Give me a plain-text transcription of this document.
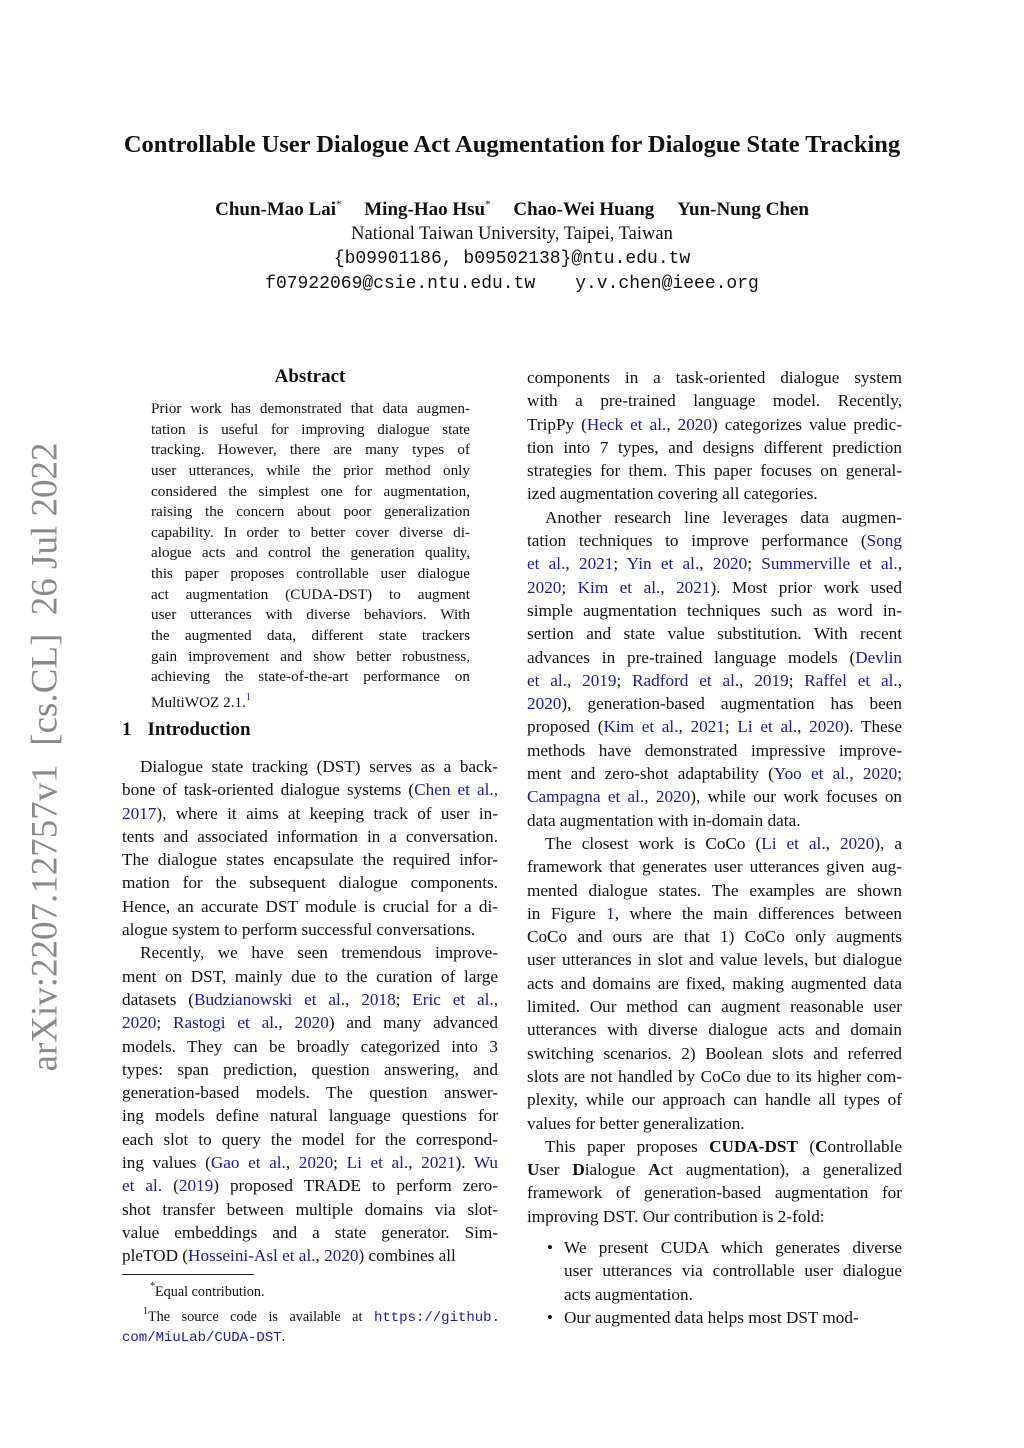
arXiv:2207.12757v1  [cs.CL]  26 Jul 2022
Controllable User Dialogue Act Augmentation for Dialogue State Tracking
Chun-Mao Lai* Ming-Hao Hsu* Chao-Wei Huang Yun-Nung Chen
National Taiwan University, Taipei, Taiwan
{b09901186, b09502138}@ntu.edu.tw
f07922069@csie.ntu.edu.tw y.v.chen@ieee.org
Abstract
Prior work has demonstrated that data augmen-
tation is useful for improving dialogue state
tracking. However, there are many types of
user utterances, while the prior method only
considered the simplest one for augmentation,
raising the concern about poor generalization
capability. In order to better cover diverse di-
alogue acts and control the generation quality,
this paper proposes controllable user dialogue
act augmentation (CUDA-DST) to augment
user utterances with diverse behaviors. With
the augmented data, different state trackers
gain improvement and show better robustness,
achieving the state-of-the-art performance on
MultiWOZ 2.1.$^1$
1 Introduction
Dialogue state tracking (DST) serves as a back-
bone of task-oriented dialogue systems (Chen et al.,
2017), where it aims at keeping track of user in-
tents and associated information in a conversation.
The dialogue states encapsulate the required infor-
mation for the subsequent dialogue components.
Hence, an accurate DST module is crucial for a di-
alogue system to perform successful conversations.
Recently, we have seen tremendous improve-
ment on DST, mainly due to the curation of large
datasets (Budzianowski et al., 2018; Eric et al.,
2020; Rastogi et al., 2020) and many advanced
models. They can be broadly categorized into 3
types: span prediction, question answering, and
generation-based models. The question answer-
ing models define natural language questions for
each slot to query the model for the correspond-
ing values (Gao et al., 2020; Li et al., 2021). Wu
et al. (2019) proposed TRADE to perform zero-
shot transfer between multiple domains via slot-
value embeddings and a state generator. Sim-
pleTOD (Hosseini-Asl et al., 2020) combines all
components in a task-oriented dialogue system
with a pre-trained language model. Recently,
TripPy (Heck et al., 2020) categorizes value predic-
tion into 7 types, and designs different prediction
strategies for them. This paper focuses on general-
ized augmentation covering all categories.
Another research line leverages data augmen-
tation techniques to improve performance (Song
et al., 2021; Yin et al., 2020; Summerville et al.,
2020; Kim et al., 2021). Most prior work used
simple augmentation techniques such as word in-
sertion and state value substitution. With recent
advances in pre-trained language models (Devlin
et al., 2019; Radford et al., 2019; Raffel et al.,
2020), generation-based augmentation has been
proposed (Kim et al., 2021; Li et al., 2020). These
methods have demonstrated impressive improve-
ment and zero-shot adaptability (Yoo et al., 2020;
Campagna et al., 2020), while our work focuses on
data augmentation with in-domain data.
The closest work is CoCo (Li et al., 2020), a
framework that generates user utterances given aug-
mented dialogue states. The examples are shown
in Figure 1, where the main differences between
CoCo and ours are that 1) CoCo only augments
user utterances in slot and value levels, but dialogue
acts and domains are fixed, making augmented data
limited. Our method can augment reasonable user
utterances with diverse dialogue acts and domain
switching scenarios. 2) Boolean slots and referred
slots are not handled by CoCo due to its higher com-
plexity, while our approach can handle all types of
values for better generalization.
This paper proposes CUDA-DST (Controllable
User Dialogue Act augmentation), a generalized
framework of generation-based augmentation for
improving DST. Our contribution is 2-fold:
• We present CUDA which generates diverse
user utterances via controllable user dialogue
acts augmentation.
• Our augmented data helps most DST mod-
*Equal contribution.
$^1$The source code is available at https://github.
com/MiuLab/CUDA-DST.
